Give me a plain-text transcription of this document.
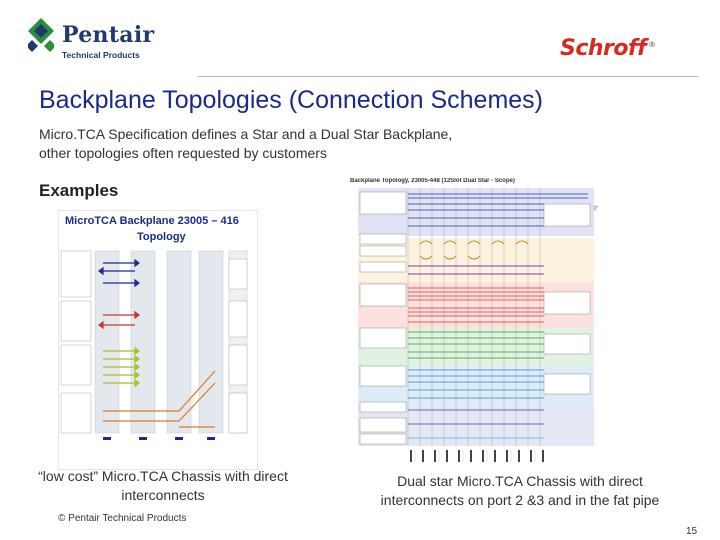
Pentair
Technical Products	Schroff ®
Backplane Topologies (Connection Schemes)
Micro.TCA Specification defines a Star and a Dual Star Backplane,
other topologies often requested by customers
Examples
MicroTCA Backplane 23005 – 416
Topology
Backplane Topology, 23005-448 (12Slot Dual Star - Scope)
“low cost” Micro.TCA Chassis with direct
interconnects
Dual star Micro.TCA Chassis with direct
interconnects on port 2 &3 and in the fat pipe
© Pentair Technical Products
15
